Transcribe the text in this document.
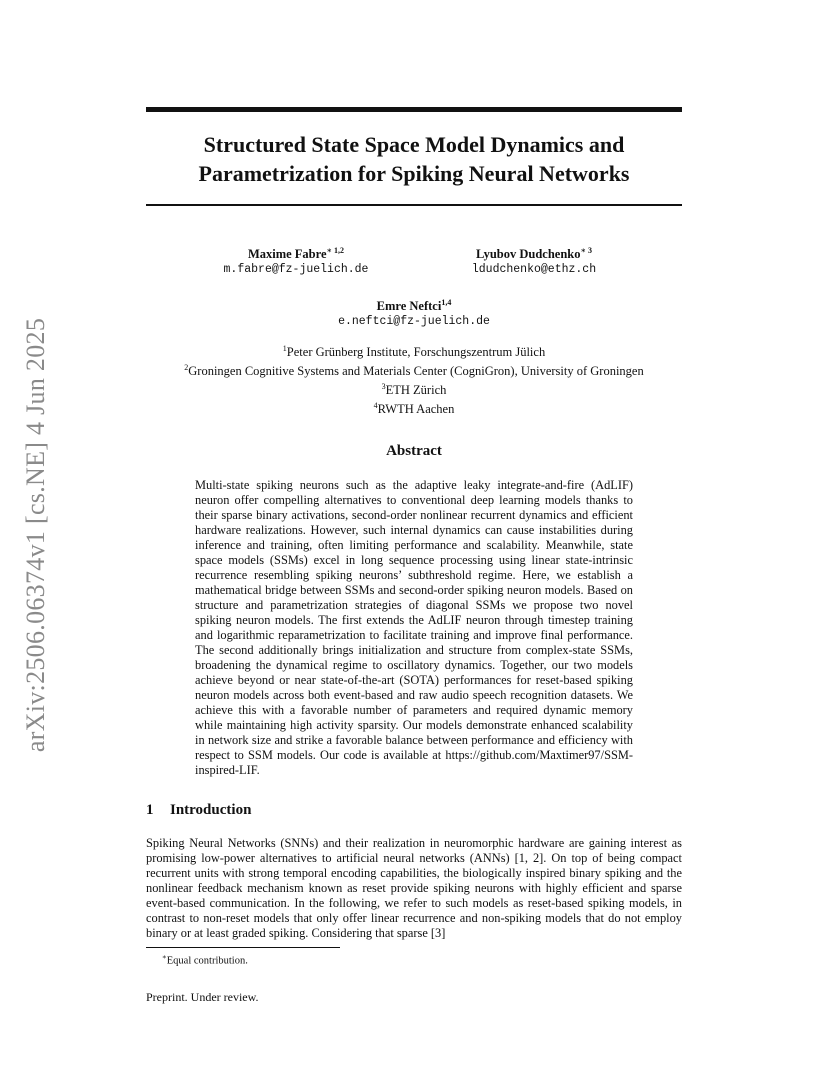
arXiv:2506.06374v1 [cs.NE] 4 Jun 2025
Structured State Space Model Dynamics and
Parametrization for Spiking Neural Networks
Maxime Fabre$^{∗ 1,2}$
m.fabre@fz-juelich.de
Lyubov Dudchenko$^{∗ 3}$
ldudchenko@ethz.ch
Emre Neftci$^{1,4}$
e.neftci@fz-juelich.de
$^1$Peter Grünberg Institute, Forschungszentrum Jülich
$^2$Groningen Cognitive Systems and Materials Center (CogniGron), University of Groningen
$^3$ETH Zürich
$^4$RWTH Aachen
Abstract
Multi-state spiking neurons such as the adaptive leaky integrate-and-fire (AdLIF) neuron offer compelling alternatives to conventional deep learning models thanks to their sparse binary activations, second-order nonlinear recurrent dynamics and efficient hardware realizations. However, such internal dynamics can cause instabilities during inference and training, often limiting performance and scalability. Meanwhile, state space models (SSMs) excel in long sequence processing using linear state-intrinsic recurrence resembling spiking neurons’ subthreshold regime. Here, we establish a mathematical bridge between SSMs and second-order spiking neuron models. Based on structure and parametrization strategies of diagonal SSMs we propose two novel spiking neuron models. The first extends the AdLIF neuron through timestep training and logarithmic reparametrization to facilitate training and improve final performance. The second additionally brings initialization and structure from complex-state SSMs, broadening the dynamical regime to oscillatory dynamics. Together, our two models achieve beyond or near state-of-the-art (SOTA) performances for reset-based spiking neuron models across both event-based and raw audio speech recognition datasets. We achieve this with a favorable number of parameters and required dynamic memory while maintaining high activity sparsity. Our models demonstrate enhanced scalability in network size and strike a favorable balance between performance and efficiency with respect to SSM models. Our code is available at https://github.com/Maxtimer97/SSM-inspired-LIF.
1 Introduction
Spiking Neural Networks (SNNs) and their realization in neuromorphic hardware are gaining interest as promising low-power alternatives to artificial neural networks (ANNs) [1, 2]. On top of being compact recurrent units with strong temporal encoding capabilities, the biologically inspired binary spiking and the nonlinear feedback mechanism known as reset provide spiking neurons with highly efficient and sparse event-based communication. In the following, we refer to such models as reset-based spiking models, in contrast to non-reset models that only offer linear recurrence and non-spiking models that do not employ binary or at least graded spiking. Considering that sparse [3]
∗Equal contribution.
Preprint. Under review.
